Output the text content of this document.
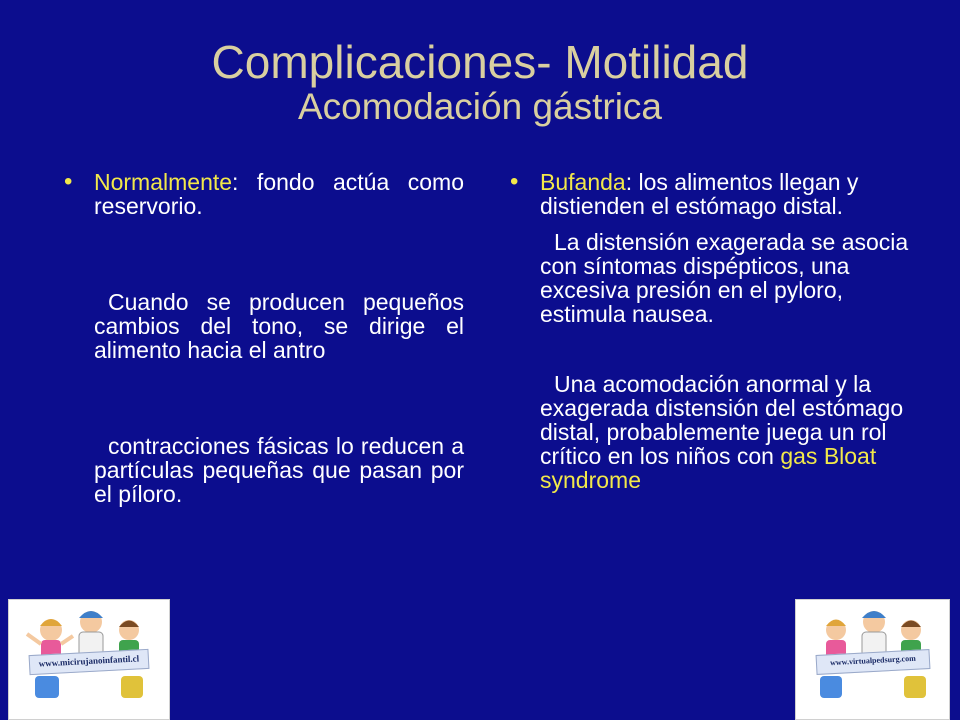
Complicaciones- Motilidad
Acomodación gástrica
• Normalmente: fondo actúa como reservorio.
Cuando se producen pequeños cambios del tono, se dirige el alimento hacia el antro
contracciones fásicas lo reducen a partículas pequeñas que pasan por el píloro.
• Bufanda: los alimentos llegan y distienden el estómago distal.
La distensión exagerada se asocia con síntomas dispépticos, una excesiva presión en el pyloro, estimula nausea.
Una acomodación anormal y la exagerada distensión del estómago distal, probablemente juega un rol crítico en los niños con gas Bloat syndrome
www.micirujanoinfantil.cl	www.virtualpedsurg.com
